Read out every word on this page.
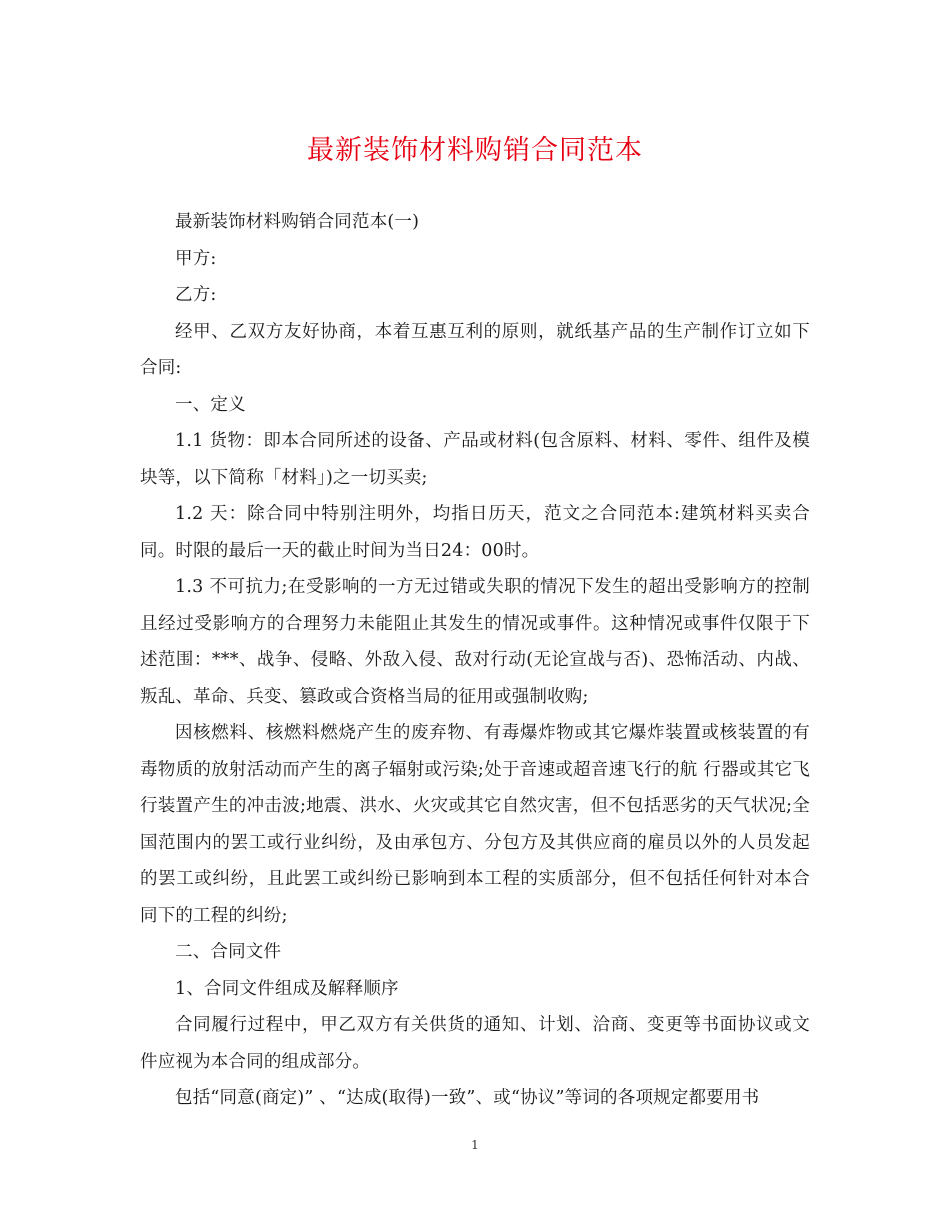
最新装饰材料购销合同范本

最新装饰材料购销合同范本(一)

甲方:

乙方:

经甲、乙双方友好协商，本着互惠互利的原则，就纸基产品的生产制作订立如下合同:

一、定义

1.1 货物：即本合同所述的设备、产品或材料(包含原料、材料、零件、组件及模块等，以下简称「材料」)之一切买卖;

1.2 天：除合同中特别注明外，均指日历天，范文之合同范本:建筑材料买卖合同。时限的最后一天的截止时间为当日24：00时。

1.3 不可抗力;在受影响的一方无过错或失职的情况下发生的超出受影响方的控制且经过受影响方的合理努力未能阻止其发生的情况或事件。这种情况或事件仅限于下述范围：***、战争、侵略、外敌入侵、敌对行动(无论宣战与否)、恐怖活动、内战、叛乱、革命、兵变、篡政或合资格当局的征用或强制收购;

因核燃料、核燃料燃烧产生的废弃物、有毒爆炸物或其它爆炸装置或核装置的有毒物质的放射活动而产生的离子辐射或污染;处于音速或超音速飞行的航 行器或其它飞行装置产生的冲击波;地震、洪水、火灾或其它自然灾害，但不包括恶劣的天气状况;全国范围内的罢工或行业纠纷，及由承包方、分包方及其供应商的雇员以外的人员发起的罢工或纠纷，且此罢工或纠纷已影响到本工程的实质部分，但不包括任何针对本合同下的工程的纠纷;

二、合同文件

1、合同文件组成及解释顺序

合同履行过程中，甲乙双方有关供货的通知、计划、洽商、变更等书面协议或文件应视为本合同的组成部分。

包括“同意(商定)” 、“达成(取得)一致”、或“协议”等词的各项规定都要用书

1
